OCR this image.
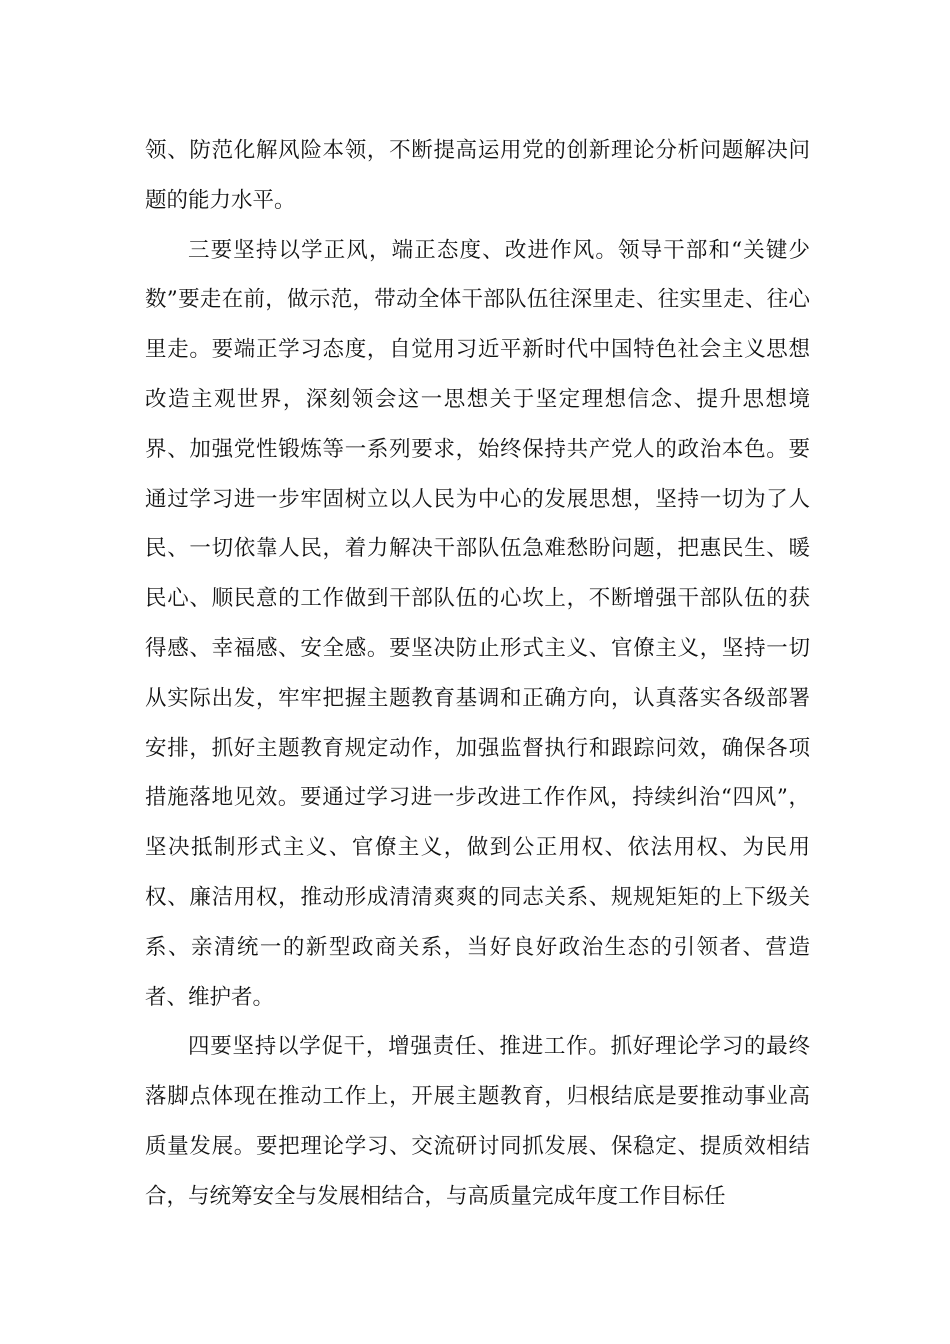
领、防范化解风险本领，不断提高运用党的创新理论分析问题解决问题的能力水平。

三要坚持以学正风，端正态度、改进作风。领导干部和“关键少数”要走在前，做示范，带动全体干部队伍往深里走、往实里走、往心里走。要端正学习态度，自觉用习近平新时代中国特色社会主义思想改造主观世界，深刻领会这一思想关于坚定理想信念、提升思想境界、加强党性锻炼等一系列要求，始终保持共产党人的政治本色。要通过学习进一步牢固树立以人民为中心的发展思想，坚持一切为了人民、一切依靠人民，着力解决干部队伍急难愁盼问题，把惠民生、暖民心、顺民意的工作做到干部队伍的心坎上，不断增强干部队伍的获得感、幸福感、安全感。要坚决防止形式主义、官僚主义，坚持一切从实际出发，牢牢把握主题教育基调和正确方向，认真落实各级部署安排，抓好主题教育规定动作，加强监督执行和跟踪问效，确保各项措施落地见效。要通过学习进一步改进工作作风，持续纠治“四风”，坚决抵制形式主义、官僚主义，做到公正用权、依法用权、为民用权、廉洁用权，推动形成清清爽爽的同志关系、规规矩矩的上下级关系、亲清统一的新型政商关系，当好良好政治生态的引领者、营造者、维护者。

四要坚持以学促干，增强责任、推进工作。抓好理论学习的最终落脚点体现在推动工作上，开展主题教育，归根结底是要推动事业高质量发展。要把理论学习、交流研讨同抓发展、保稳定、提质效相结合，与统筹安全与发展相结合，与高质量完成年度工作目标任
